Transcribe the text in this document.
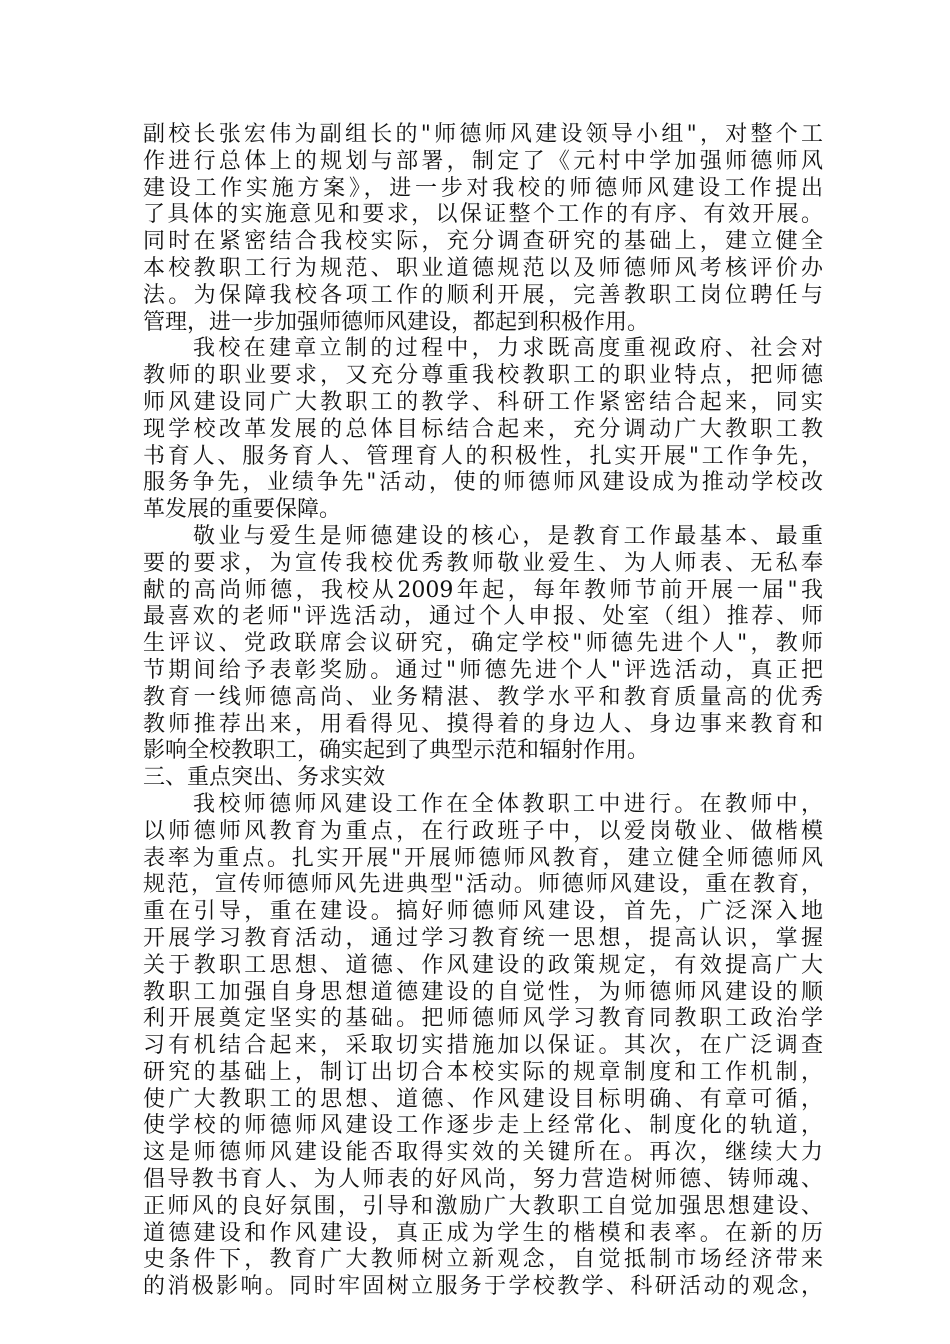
副校长张宏伟为副组长的"师德师风建设领导小组"，对整个工
作进行总体上的规划与部署，制定了《元村中学加强师德师风
建设工作实施方案》，进一步对我校的师德师风建设工作提出
了具体的实施意见和要求，以保证整个工作的有序、有效开展。
同时在紧密结合我校实际，充分调查研究的基础上，建立健全
本校教职工行为规范、职业道德规范以及师德师风考核评价办
法。为保障我校各项工作的顺利开展，完善教职工岗位聘任与
管理，进一步加强师德师风建设，都起到积极作用。
我校在建章立制的过程中，力求既高度重视政府、社会对
教师的职业要求，又充分尊重我校教职工的职业特点，把师德
师风建设同广大教职工的教学、科研工作紧密结合起来，同实
现学校改革发展的总体目标结合起来，充分调动广大教职工教
书育人、服务育人、管理育人的积极性，扎实开展"工作争先，
服务争先，业绩争先"活动，使的师德师风建设成为推动学校改
革发展的重要保障。
敬业与爱生是师德建设的核心，是教育工作最基本、最重
要的要求，为宣传我校优秀教师敬业爱生、为人师表、无私奉
献的高尚师德，我校从2009年起，每年教师节前开展一届"我
最喜欢的老师"评选活动，通过个人申报、处室（组）推荐、师
生评议、党政联席会议研究，确定学校"师德先进个人"，教师
节期间给予表彰奖励。通过"师德先进个人"评选活动，真正把
教育一线师德高尚、业务精湛、教学水平和教育质量高的优秀
教师推荐出来，用看得见、摸得着的身边人、身边事来教育和
影响全校教职工，确实起到了典型示范和辐射作用。
三、重点突出、务求实效
我校师德师风建设工作在全体教职工中进行。在教师中，
以师德师风教育为重点，在行政班子中，以爱岗敬业、做楷模
表率为重点。扎实开展"开展师德师风教育，建立健全师德师风
规范，宣传师德师风先进典型"活动。师德师风建设，重在教育，
重在引导，重在建设。搞好师德师风建设，首先，广泛深入地
开展学习教育活动，通过学习教育统一思想，提高认识，掌握
关于教职工思想、道德、作风建设的政策规定，有效提高广大
教职工加强自身思想道德建设的自觉性，为师德师风建设的顺
利开展奠定坚实的基础。把师德师风学习教育同教职工政治学
习有机结合起来，采取切实措施加以保证。其次，在广泛调查
研究的基础上，制订出切合本校实际的规章制度和工作机制，
使广大教职工的思想、道德、作风建设目标明确、有章可循，
使学校的师德师风建设工作逐步走上经常化、制度化的轨道，
这是师德师风建设能否取得实效的关键所在。再次，继续大力
倡导教书育人、为人师表的好风尚，努力营造树师德、铸师魂、
正师风的良好氛围，引导和激励广大教职工自觉加强思想建设、
道德建设和作风建设，真正成为学生的楷模和表率。在新的历
史条件下，教育广大教师树立新观念，自觉抵制市场经济带来
的消极影响。同时牢固树立服务于学校教学、科研活动的观念，
